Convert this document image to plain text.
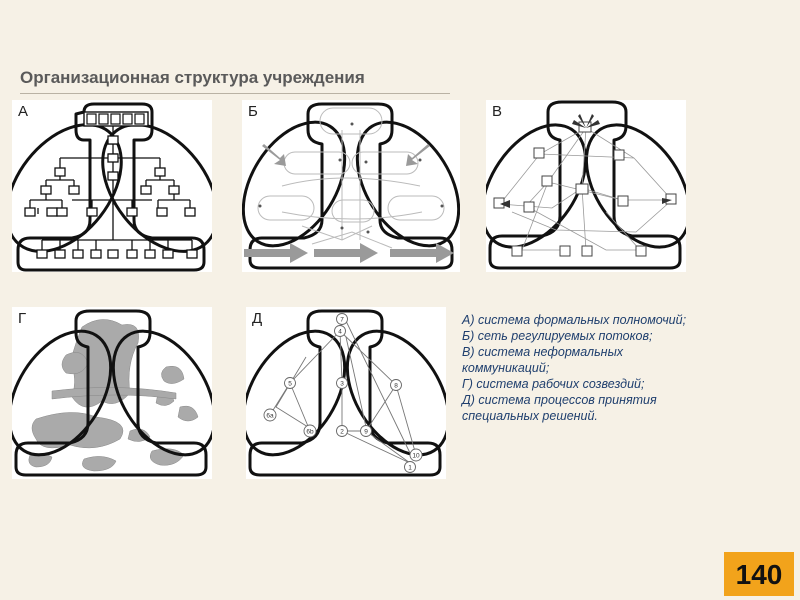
Организационная структура учреждения
А	Б	В
Г	Д	7
4
5	3	8
6a
6b	2	9
10
1
А) система формальных полномочий;
Б) сеть регулируемых потоков;
В) система неформальных
коммуникаций;
Г) система рабочих созвездий;
Д) система процессов принятия
специальных решений.
140
